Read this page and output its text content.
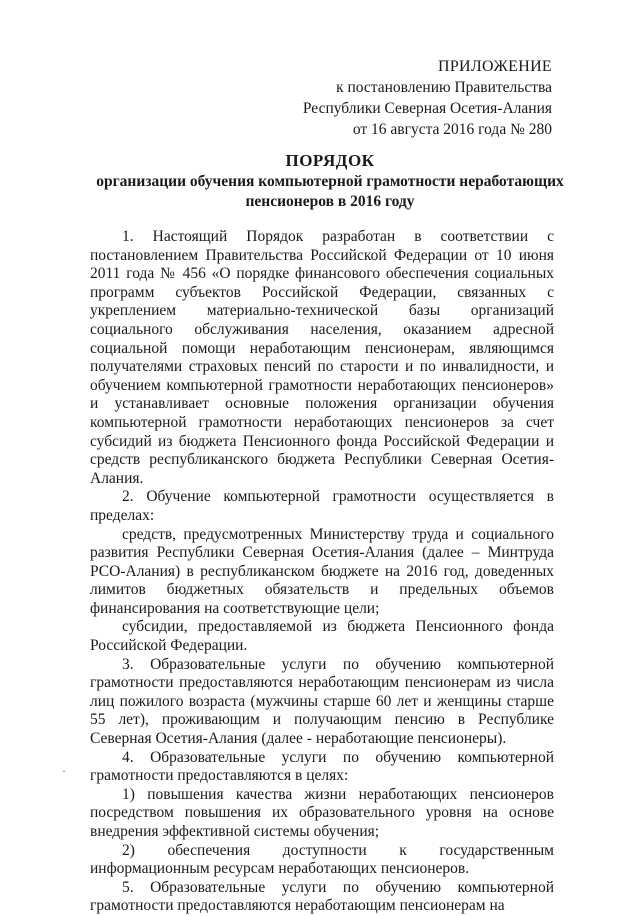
ПРИЛОЖЕНИЕ
к постановлению Правительства
Республики Северная Осетия-Алания
от 16 августа 2016 года № 280
ПОРЯДОК
организации обучения компьютерной грамотности неработающих пенсионеров в 2016 году

1. Настоящий Порядок разработан в соответствии с постановлением Правительства Российской Федерации от 10 июня 2011 года № 456 «О порядке финансового обеспечения социальных программ субъектов Российской Федерации, связанных с укреплением материально-технической базы организаций социального обслуживания населения, оказанием адресной социальной помощи неработающим пенсионерам, являющимся получателями страховых пенсий по старости и по инвалидности, и обучением компьютерной грамотности неработающих пенсионеров» и устанавливает основные положения организации обучения компьютерной грамотности неработающих пенсионеров за счет субсидий из бюджета Пенсионного фонда Российской Федерации и средств республиканского бюджета Республики Северная Осетия-Алания.

2. Обучение компьютерной грамотности осуществляется в пределах:

средств, предусмотренных Министерству труда и социального развития Республики Северная Осетия-Алания (далее – Минтруда РСО-Алания) в республиканском бюджете на 2016 год, доведенных лимитов бюджетных обязательств и предельных объемов финансирования на соответствующие цели;

субсидии, предоставляемой из бюджета Пенсионного фонда Российской Федерации.

3. Образовательные услуги по обучению компьютерной грамотности предоставляются неработающим пенсионерам из числа лиц пожилого возраста (мужчины старше 60 лет и женщины старше 55 лет), проживающим и получающим пенсию в Республике Северная Осетия-Алания (далее - неработающие пенсионеры).

4. Образовательные услуги по обучению компьютерной грамотности предоставляются в целях:

1) повышения качества жизни неработающих пенсионеров посредством повышения их образовательного уровня на основе внедрения эффективной системы обучения;

2) обеспечения доступности к государственным информационным ресурсам неработающих пенсионеров.

5. Образовательные услуги по обучению компьютерной грамотности предоставляются неработающим пенсионерам на

·
